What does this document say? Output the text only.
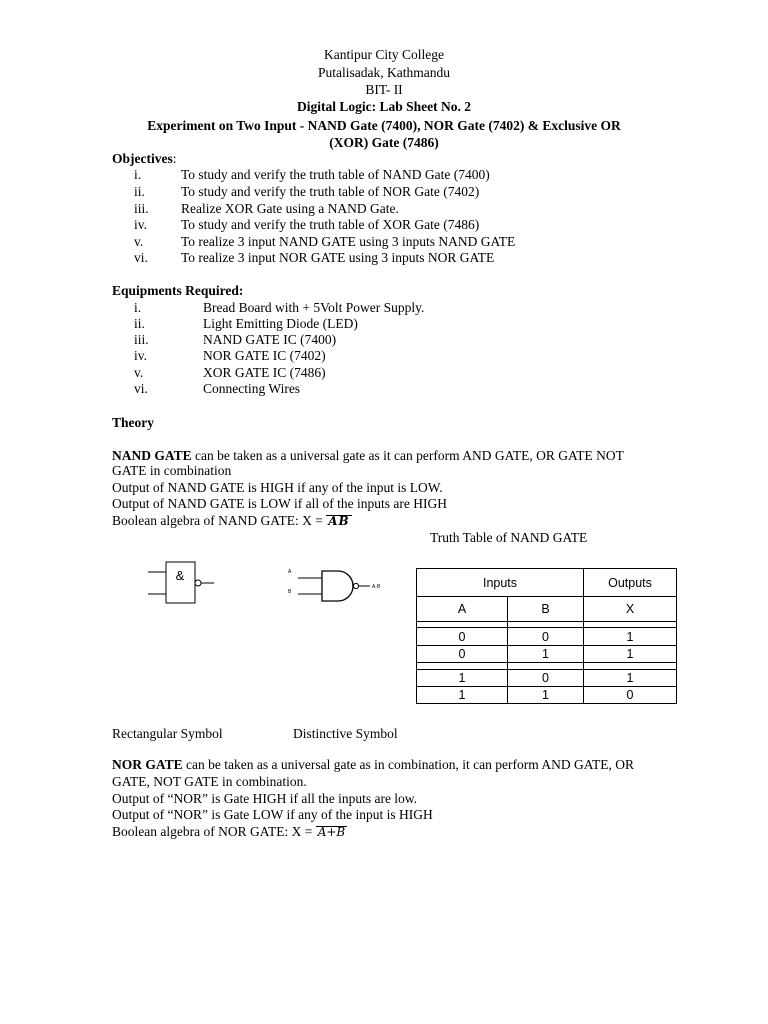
Kantipur City College
Putalisadak, Kathmandu
BIT- II
Digital Logic: Lab Sheet No. 2
Experiment on Two Input - NAND Gate (7400), NOR Gate (7402) & Exclusive OR
(XOR) Gate (7486)
Objectives:
i.	To study and verify the truth table of NAND Gate (7400)
ii.	To study and verify the truth table of NOR Gate (7402)
iii. Realize XOR Gate using a NAND Gate.
iv.	To study and verify the truth table of XOR Gate (7486)
v.	To realize 3 input NAND GATE using 3 inputs NAND GATE
vi. To realize 3 input NOR GATE using 3 inputs NOR GATE
Equipments Required:
i.	Bread Board with + 5Volt Power Supply.
ii.	Light Emitting Diode (LED)
iii.	NAND GATE IC (7400)
iv.	NOR GATE IC (7402)
v.	XOR GATE IC (7486)
vi.	Connecting Wires
Theory
NAND GATE can be taken as a universal gate as it can perform AND GATE, OR GATE NOT
GATE in combination
Output of NAND GATE is HIGH if any of the input is LOW.
Output of NAND GATE is LOW if all of the inputs are HIGH
Boolean algebra of NAND GATE: X = AB
Truth Table of NAND GATE
&	A
B
A·B	Inputs		Outputs
A	B	X

0	0	1
0	1	1

1	0	1
1	1	0
Rectangular Symbol	Distinctive Symbol
NOR GATE can be taken as a universal gate as in combination, it can perform AND GATE, OR
GATE, NOT GATE in combination.
Output of “NOR” is Gate HIGH if all the inputs are low.
Output of “NOR” is Gate LOW if any of the input is HIGH
Boolean algebra of NOR GATE: X = A+B
